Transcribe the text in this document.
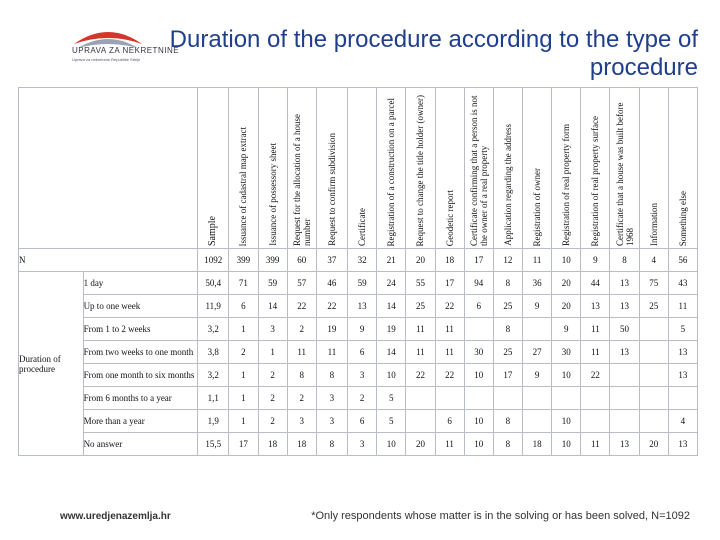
UPRAVA ZA NEKRETNINE
Uprava za nekretnine Republike Srbije
Duration of the procedure according to the type of procedure
		Sample	Issuance of cadastral map extract	Issuance of possessory sheet	Request for the allocation of a house number	Request to confirm subdivision	Certificate	Registration of a construction on a parcel	Request to change the title holder (owner)	Geodetic report	Certificate confirming that a person is not the owner of a real property	Application regarding the address	Registration of owner	Registration of real property form	Registration of real property surface	Certificate that a house was built before 1968	Information	Something else
N		1092	399	399	60	37	32	21	20	18	17	12	11	10	9	8	4	56
Duration of procedure	1 day	50,4	71	59	57	46	59	24	55	17	94	8	36	20	44	13	75	43
	Up to one week	11,9	6	14	22	22	13	14	25	22	6	25	9	20	13	13	25	11
	From 1 to 2 weeks	3,2	1	3	2	19	9	19	11	11		8		9	11	50		5
	From two weeks to one month	3,8	2	1	11	11	6	14	11	11	30	25	27	30	11	13		13
	From one month to six months	3,2	1	2	8	8	3	10	22	22	10	17	9	10	22			13
	From 6 months to a year	1,1	1	2	2	3	2	5										
	More than a year	1,9	1	2	3	3	6	5		6	10	8		10				4
	No answer	15,5	17	18	18	8	3	10	20	11	10	8	18	10	11	13	20	13
www.uredjenazemlja.hr	*Only respondents whose matter is in the solving or has been solved, N=1092
